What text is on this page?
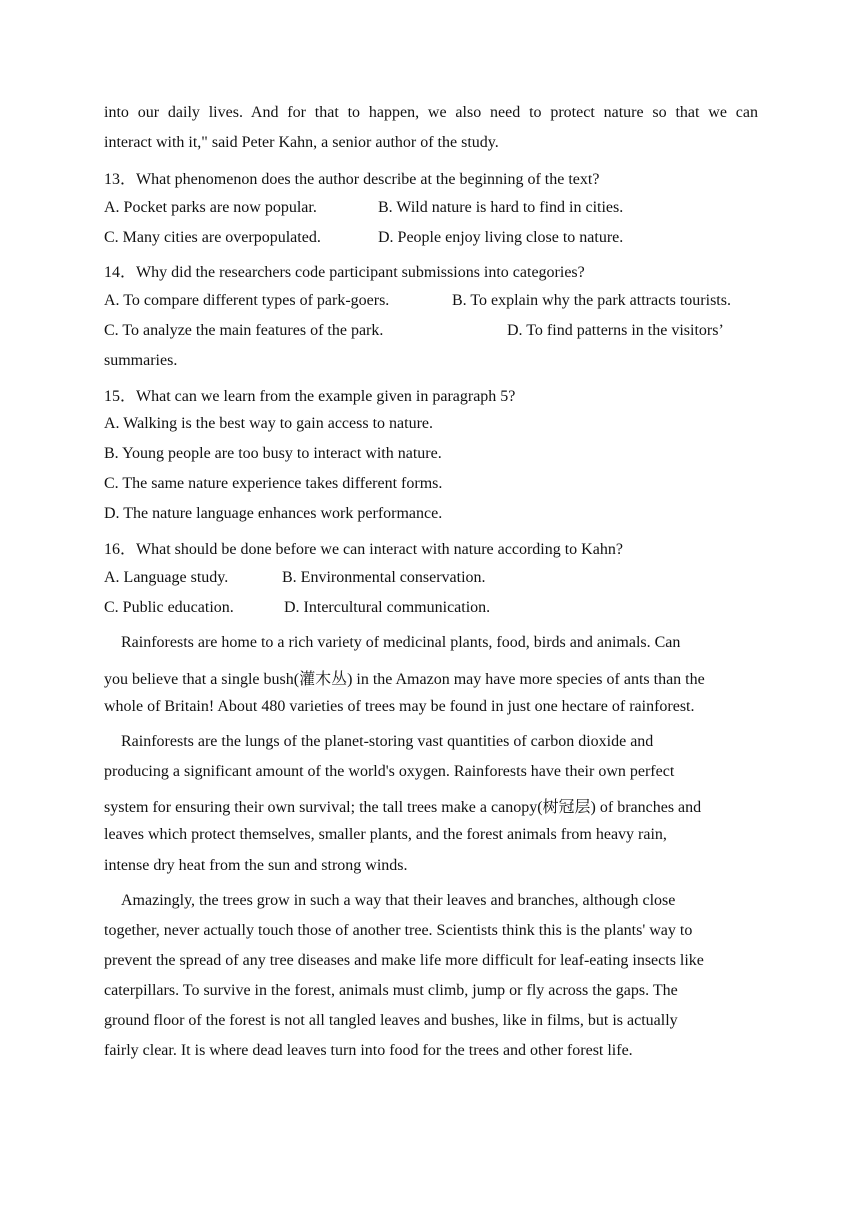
into our daily lives. And for that to happen, we also need to protect nature so that we can
interact with it," said Peter Kahn, a senior author of the study.
13．What phenomenon does the author describe at the beginning of the text?
A. Pocket parks are now popular.	B. Wild nature is hard to find in cities.
C. Many cities are overpopulated.	D. People enjoy living close to nature.
14．Why did the researchers code participant submissions into categories?
A. To compare different types of park-goers.	B. To explain why the park attracts tourists.
C. To analyze the main features of the park.	D. To find patterns in the visitors’
summaries.
15．What can we learn from the example given in paragraph 5?
A. Walking is the best way to gain access to nature.
B. Young people are too busy to interact with nature.
C. The same nature experience takes different forms.
D. The nature language enhances work performance.
16．What should be done before we can interact with nature according to Kahn?
A. Language study.	B. Environmental conservation.
C. Public education.	D. Intercultural communication.
Rainforests are home to a rich variety of medicinal plants, food, birds and animals. Can
you believe that a single bush(灌木丛) in the Amazon may have more species of ants than the
whole of Britain! About 480 varieties of trees may be found in just one hectare of rainforest.
Rainforests are the lungs of the planet-storing vast quantities of carbon dioxide and
producing a significant amount of the world's oxygen. Rainforests have their own perfect
system for ensuring their own survival; the tall trees make a canopy(树冠层) of branches and
leaves which protect themselves, smaller plants, and the forest animals from heavy rain,
intense dry heat from the sun and strong winds.
Amazingly, the trees grow in such a way that their leaves and branches, although close
together, never actually touch those of another tree. Scientists think this is the plants' way to
prevent the spread of any tree diseases and make life more difficult for leaf-eating insects like
caterpillars. To survive in the forest, animals must climb, jump or fly across the gaps. The
ground floor of the forest is not all tangled leaves and bushes, like in films, but is actually
fairly clear. It is where dead leaves turn into food for the trees and other forest life.
